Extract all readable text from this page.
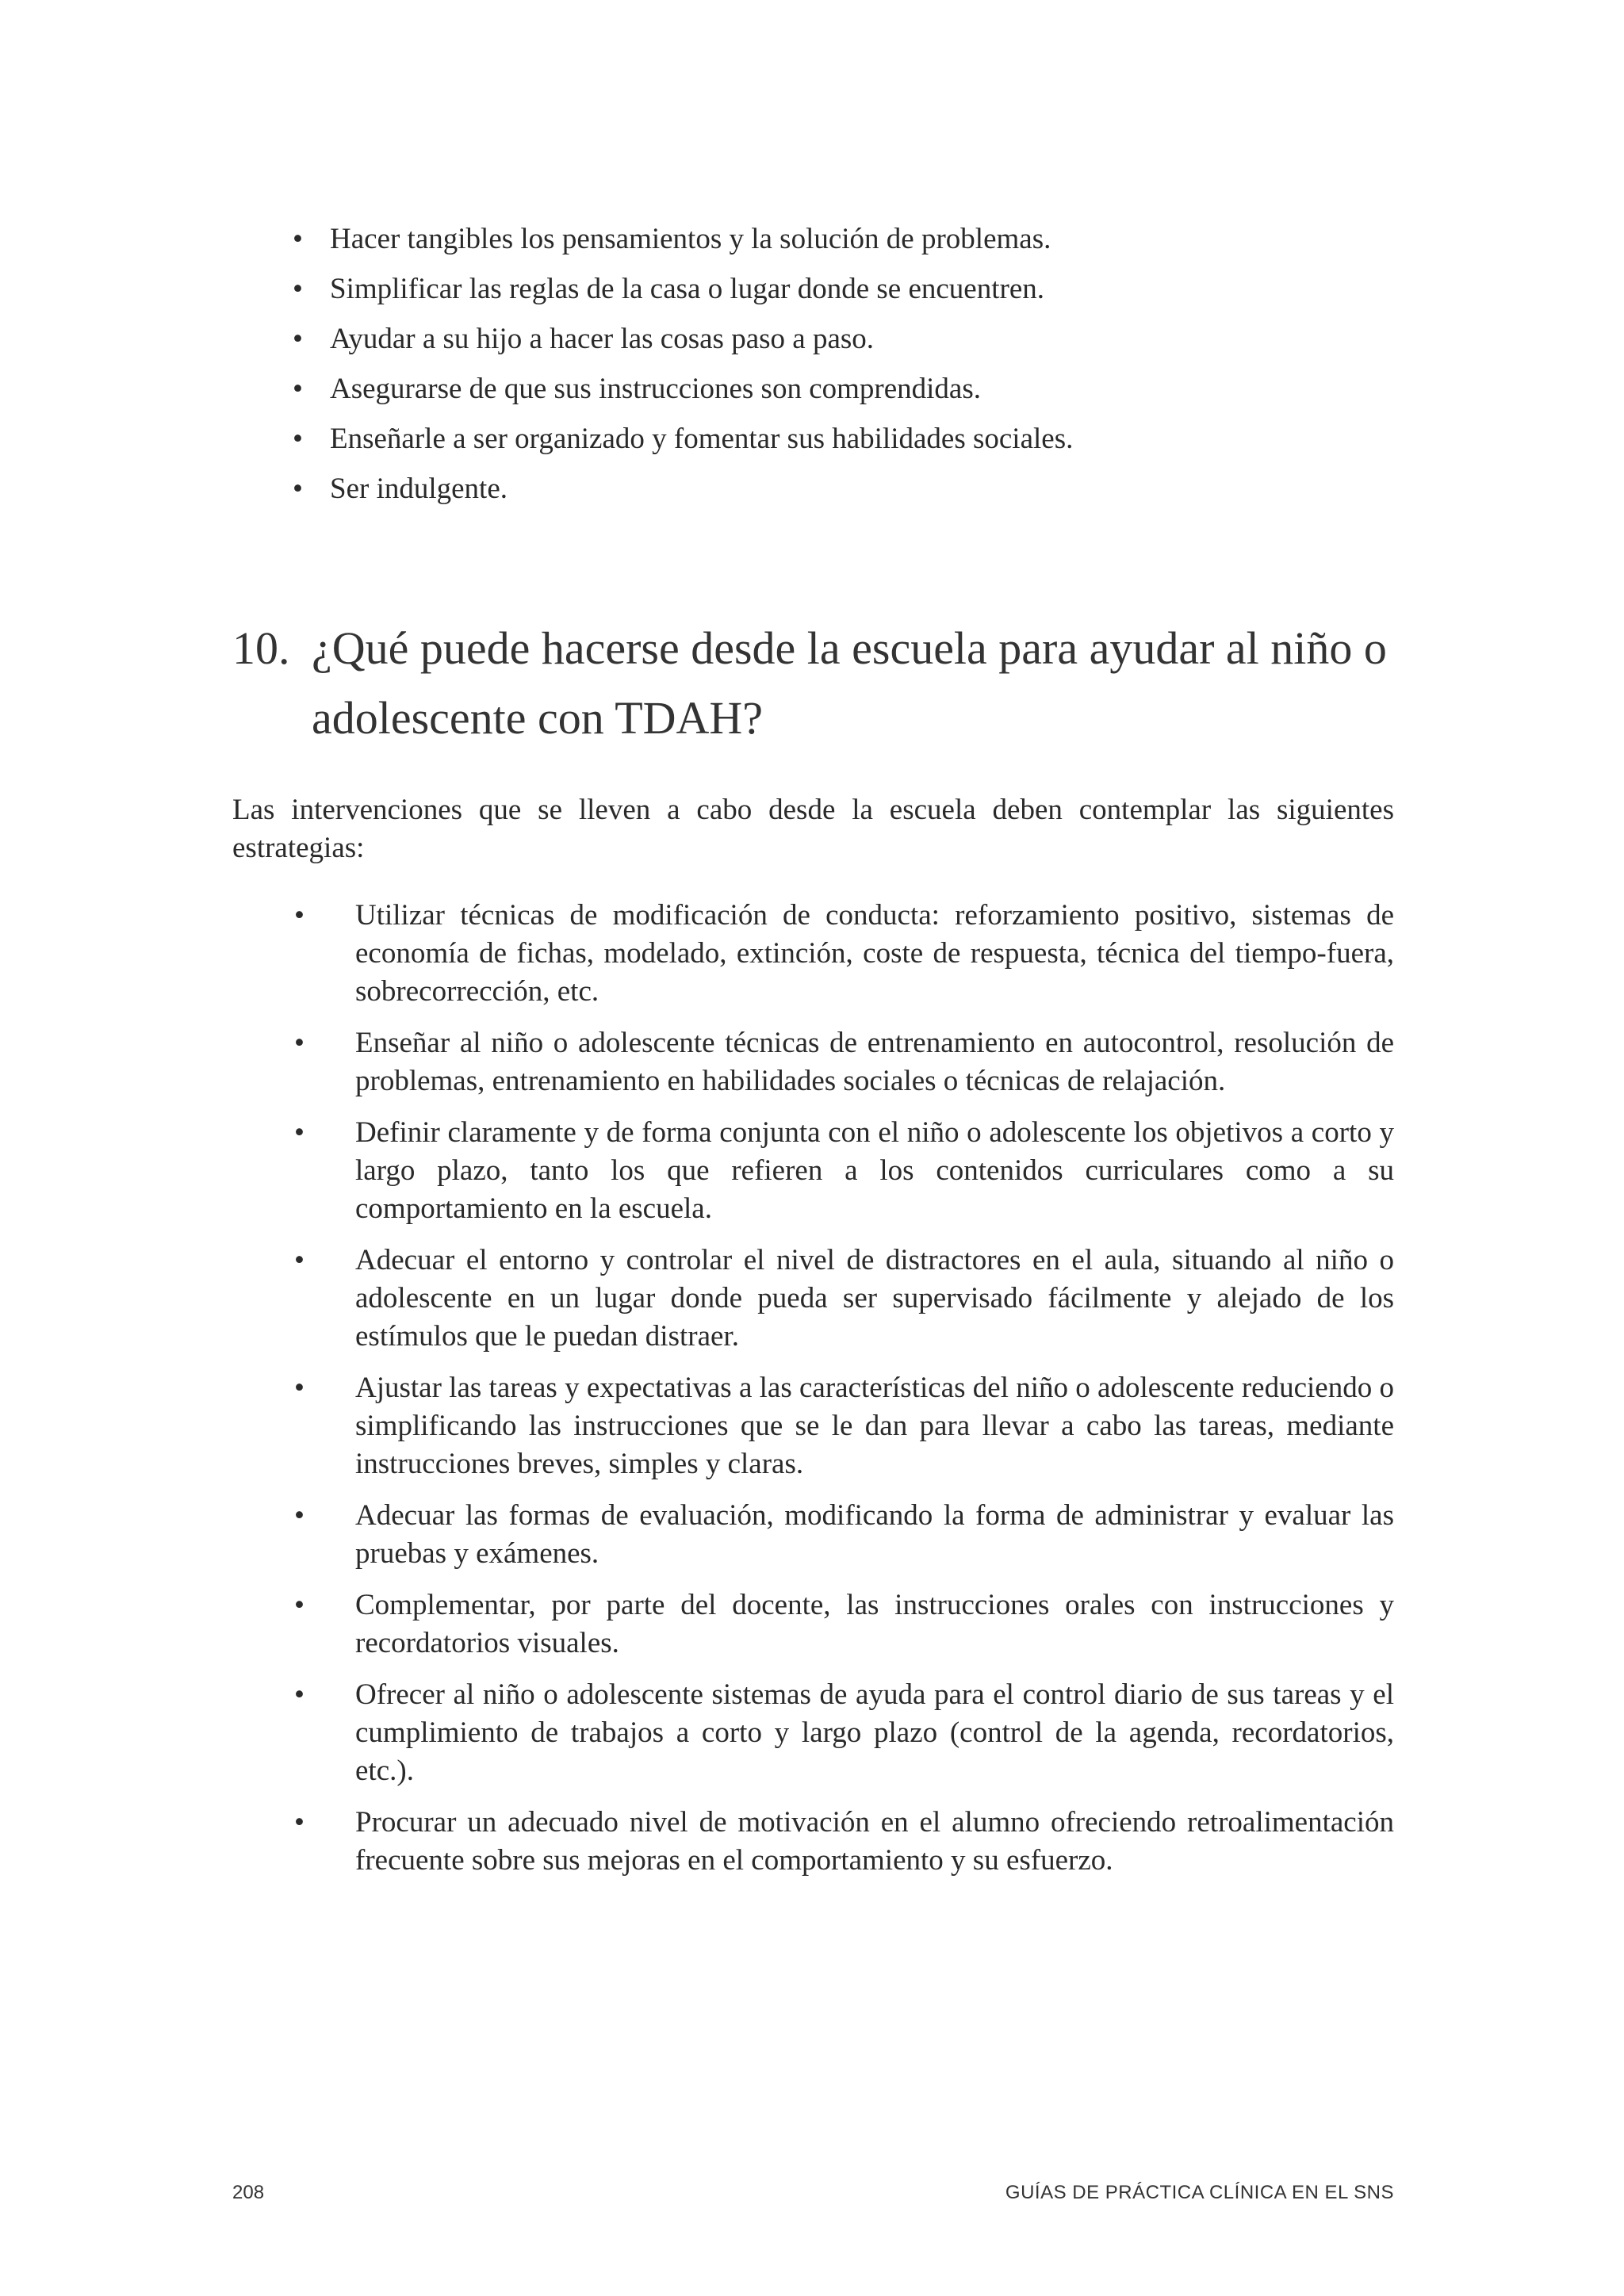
• Hacer tangibles los pensamientos y la solución de problemas.
• Simplificar las reglas de la casa o lugar donde se encuentren.
• Ayudar a su hijo a hacer las cosas paso a paso.
• Asegurarse de que sus instrucciones son comprendidas.
• Enseñarle a ser organizado y fomentar sus habilidades sociales.
• Ser indulgente.
10. ¿Qué puede hacerse desde la escuela para ayudar al niño o adolescente con TDAH?

Las intervenciones que se lleven a cabo desde la escuela deben contemplar las siguientes estrategias:

• Utilizar técnicas de modificación de conducta: reforzamiento positivo, sistemas de economía de fichas, modelado, extinción, coste de respuesta, técnica del tiempo-fuera, sobrecorrección, etc.
• Enseñar al niño o adolescente técnicas de entrenamiento en autocontrol, resolución de problemas, entrenamiento en habilidades sociales o técnicas de relajación.
• Definir claramente y de forma conjunta con el niño o adolescente los objetivos a corto y largo plazo, tanto los que refieren a los contenidos curriculares como a su comportamiento en la escuela.
• Adecuar el entorno y controlar el nivel de distractores en el aula, situando al niño o adolescente en un lugar donde pueda ser supervisado fácilmente y alejado de los estímulos que le puedan distraer.
• Ajustar las tareas y expectativas a las características del niño o adolescente reduciendo o simplificando las instrucciones que se le dan para llevar a cabo las tareas, mediante instrucciones breves, simples y claras.
• Adecuar las formas de evaluación, modificando la forma de administrar y evaluar las pruebas y exámenes.
• Complementar, por parte del docente, las instrucciones orales con instrucciones y recordatorios visuales.
• Ofrecer al niño o adolescente sistemas de ayuda para el control diario de sus tareas y el cumplimiento de trabajos a corto y largo plazo (control de la agenda, recordatorios, etc.).
• Procurar un adecuado nivel de motivación en el alumno ofreciendo retroalimentación frecuente sobre sus mejoras en el comportamiento y su esfuerzo.
208	GUÍAS DE PRÁCTICA CLÍNICA EN EL SNS
